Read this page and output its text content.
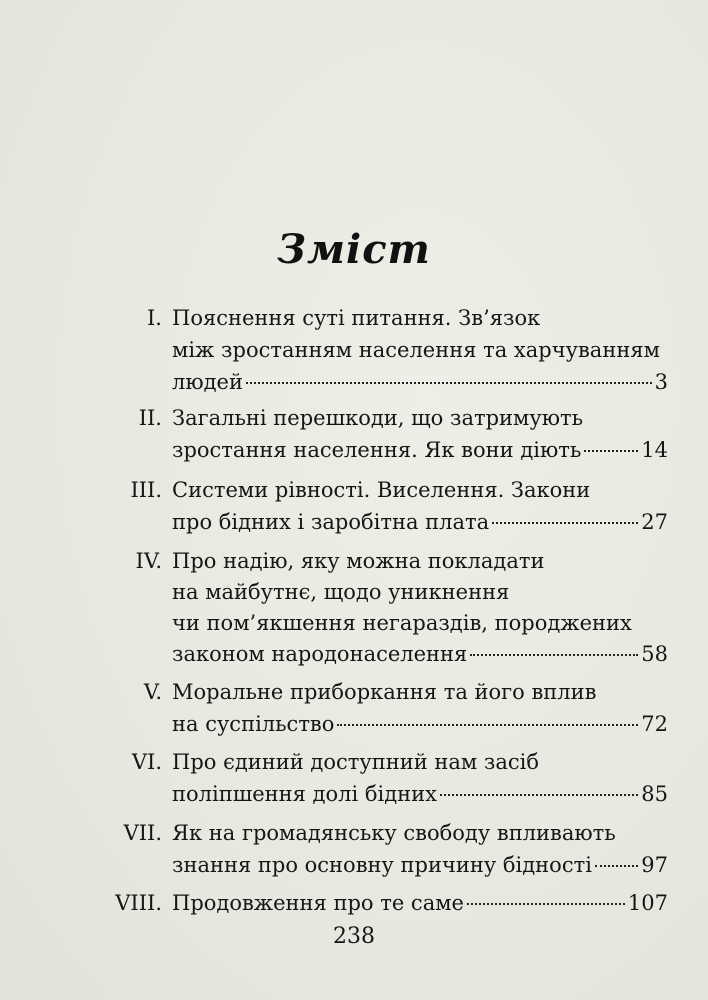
Зміст
I. Пояснення суті питання. Зв’язок
між зростанням населення та харчуванням
людей	3
II. Загальні перешкоди, що затримують
зростання населення. Як вони діють	14
III. Системи рівності. Виселення. Закони
про бідних і заробітна плата	27
IV. Про надію, яку можна покладати
на майбутнє, щодо уникнення
чи пом’якшення негараздів, породжених
законом народонаселення	58
V. Моральне приборкання та його вплив
на суспільство	72
VI. Про єдиний доступний нам засіб
поліпшення долі бідних	85
VII. Як на громадянську свободу впливають
знання про основну причину бідності 97
VIII. Продовження про те саме	107
238
